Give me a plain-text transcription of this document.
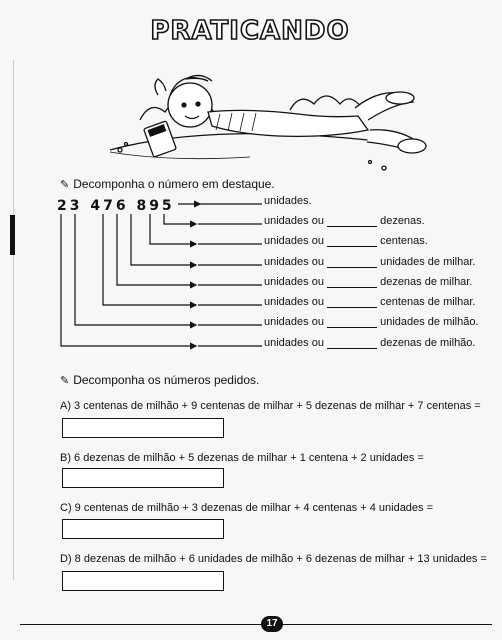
PRATICANDO
✎ Decomponha o número em destaque.
23 476 895	unidades.
unidades ou	dezenas.
unidades ou	centenas.
unidades ou	unidades de milhar.
unidades ou	dezenas de milhar.
unidades ou	centenas de milhar.
unidades ou	unidades de milhão.
unidades ou	dezenas de milhão.
✎ Decomponha os números pedidos.
A) 3 centenas de milhão + 9 centenas de milhar + 5 dezenas de milhar + 7 centenas =
B) 6 dezenas de milhão + 5 dezenas de milhar + 1 centena + 2 unidades =
C) 9 centenas de milhão + 3 dezenas de milhar + 4 centenas + 4 unidades =
D) 8 dezenas de milhão + 6 unidades de milhão + 6 dezenas de milhar + 13 unidades =
17
